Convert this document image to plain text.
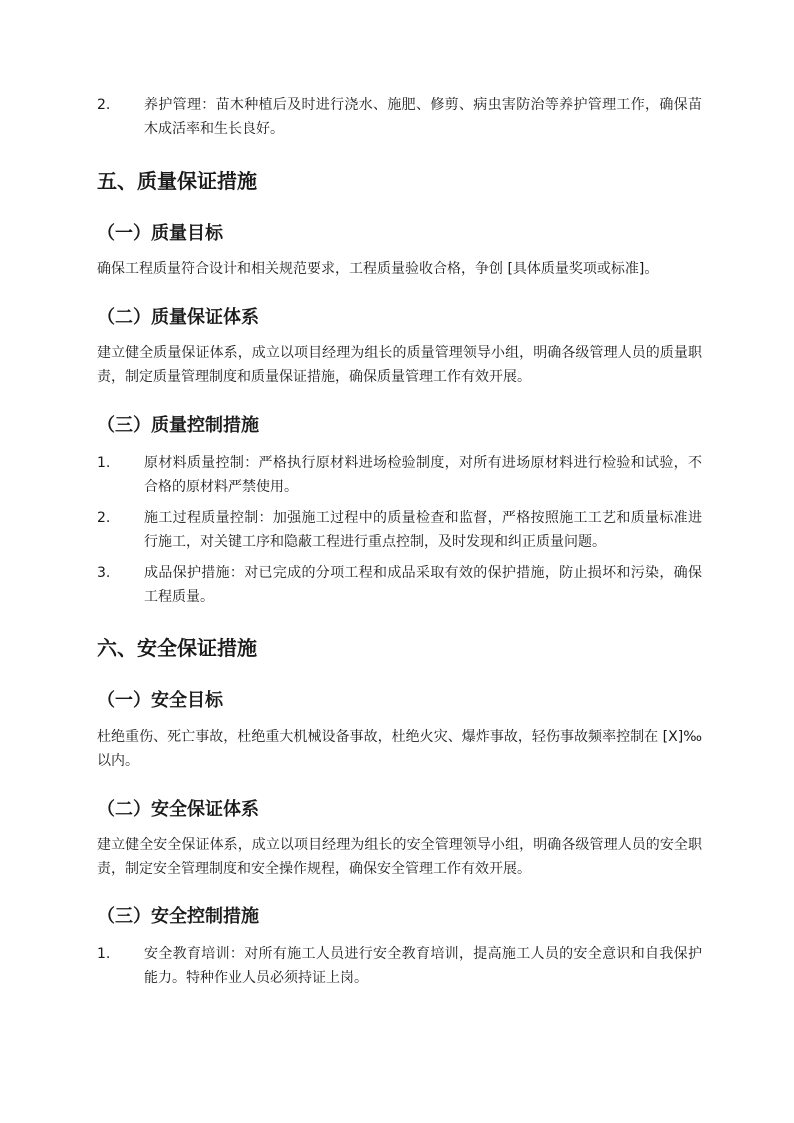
2. 养护管理：苗木种植后及时进行浇水、施肥、修剪、病虫害防治等养护管理工作，确保苗木成活率和生长良好。
五、质量保证措施
（一）质量目标
确保工程质量符合设计和相关规范要求，工程质量验收合格，争创 [具体质量奖项或标准]。
（二）质量保证体系
建立健全质量保证体系，成立以项目经理为组长的质量管理领导小组，明确各级管理人员的质量职责，制定质量管理制度和质量保证措施，确保质量管理工作有效开展。
（三）质量控制措施
1. 原材料质量控制：严格执行原材料进场检验制度，对所有进场原材料进行检验和试验，不合格的原材料严禁使用。
2. 施工过程质量控制：加强施工过程中的质量检查和监督，严格按照施工工艺和质量标准进行施工，对关键工序和隐蔽工程进行重点控制，及时发现和纠正质量问题。
3. 成品保护措施：对已完成的分项工程和成品采取有效的保护措施，防止损坏和污染，确保工程质量。
六、安全保证措施
（一）安全目标
杜绝重伤、死亡事故，杜绝重大机械设备事故，杜绝火灾、爆炸事故，轻伤事故频率控制在 [X]‰以内。
（二）安全保证体系
建立健全安全保证体系，成立以项目经理为组长的安全管理领导小组，明确各级管理人员的安全职责，制定安全管理制度和安全操作规程，确保安全管理工作有效开展。
（三）安全控制措施
1. 安全教育培训：对所有施工人员进行安全教育培训，提高施工人员的安全意识和自我保护能力。特种作业人员必须持证上岗。
